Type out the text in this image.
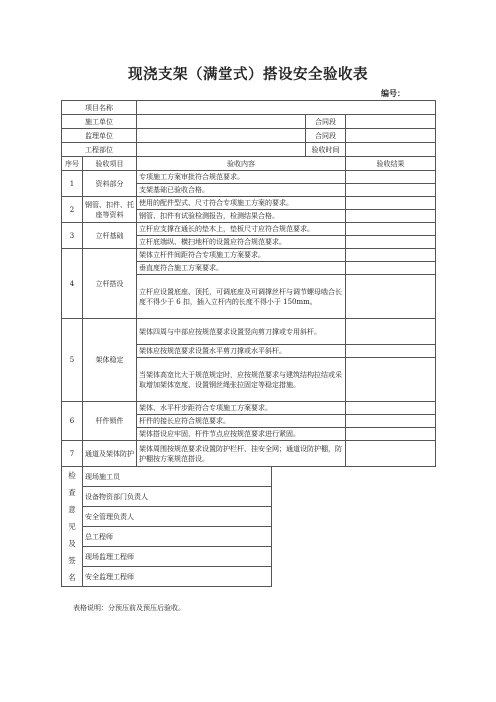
现浇支架（满堂式）搭设安全验收表
编号：
项目名称					
施工单位				合同段	
监理单位				合同段	
工程部位				验收时间	
序号	验收项目	验收内容			验收结果
1	资料部分	专项施工方案审批符合规范要求。			
		支架基础已验收合格。			
2	钢管、扣件、托座等资料	使用的配件型式、尺寸符合专项施工方案的要求。			
		钢管、扣件有试验检测报告，检测结果合格。			
3	立杆基础	立杆应支撑在通长的垫木上，垫板尺寸应符合规范要求。			
		立杆底端纵、横扫地杆的设置应符合规范要求。			
4	立杆搭设	架体立杆件间距符合专项施工方案要求。			
		垂直度符合施工方案要求。			
		立杆应设置底座、顶托，可调底座及可调撑丝杆与调节螺母啮合长度不得少于 6 扣，插入立杆内的长度不得小于 150mm。			
5	架体稳定	架体四周与中部应按规范要求设置竖向剪刀撑或专用斜杆。			
		架体应按规范要求设置水平剪刀撑或水平斜杆。			
		当架体高宽比大于规范规定时，应按规范要求与建筑结构拉结或采取增加架体宽度、设置钢丝绳张拉固定等稳定措施。			
6	杆件锁件	架体、水平杆步距符合专项施工方案要求。			
		杆件的接长应符合规范要求。			
		架体搭设应牢固，杆件节点应按规范要求进行紧固。			
7	通道及架体防护	架体周围按规范要求设置防护栏杆、挂安全网；通道设防护棚，防护棚按方案规范搭设。			
检查意见及签名	现场施工员				
	设备物资部门负责人				
	安全管理负责人				
	总工程师				
	现场监理工程师				
	安全监理工程师				
表格说明：分预压前及预压后验收。
